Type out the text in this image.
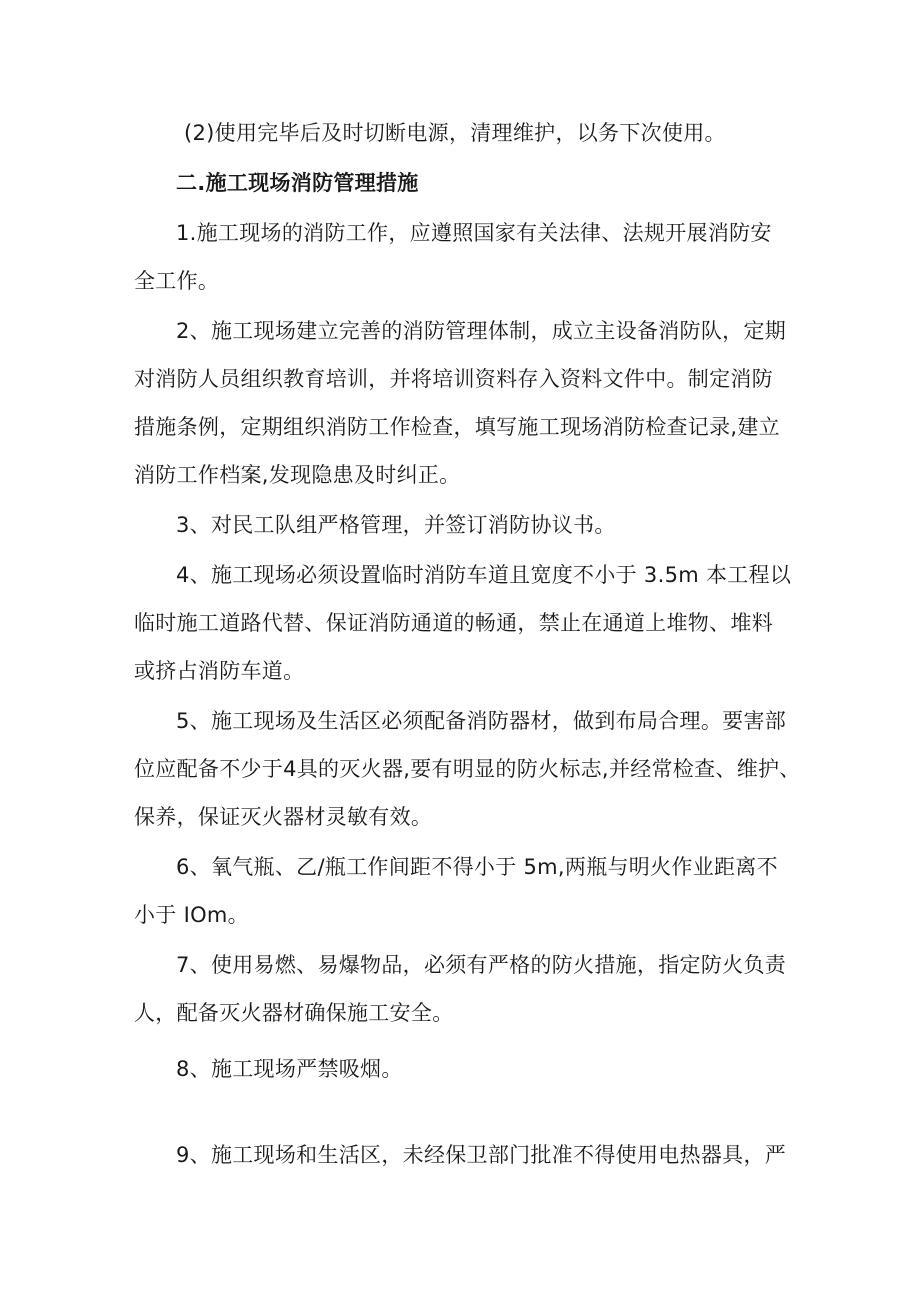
(2)使用完毕后及时切断电源，清理维护，以务下次使用。
二.施工现场消防管理措施
1.施工现场的消防工作，应遵照国家有关法律、法规开展消防安
全工作。
2、施工现场建立完善的消防管理体制，成立主设备消防队，定期
对消防人员组织教育培训，并将培训资料存入资料文件中。制定消防
措施条例，定期组织消防工作检查，填写施工现场消防检查记录,建立
消防工作档案,发现隐患及时纠正。
3、对民工队组严格管理，并签订消防协议书。
4、施工现场必须设置临时消防车道且宽度不小于 3.5m 本工程以
临时施工道路代替、保证消防通道的畅通，禁止在通道上堆物、堆料
或挤占消防车道。
5、施工现场及生活区必须配备消防器材，做到布局合理。要害部
位应配备不少于4具的灭火器,要有明显的防火标志,并经常检查、维护、
保养，保证灭火器材灵敏有效。
6、氧气瓶、乙/瓶工作间距不得小于 5m,两瓶与明火作业距离不
小于 IOm。
7、使用易燃、易爆物品，必须有严格的防火措施，指定防火负责
人，配备灭火器材确保施工安全。
8、施工现场严禁吸烟。
9、施工现场和生活区，未经保卫部门批准不得使用电热器具，严
